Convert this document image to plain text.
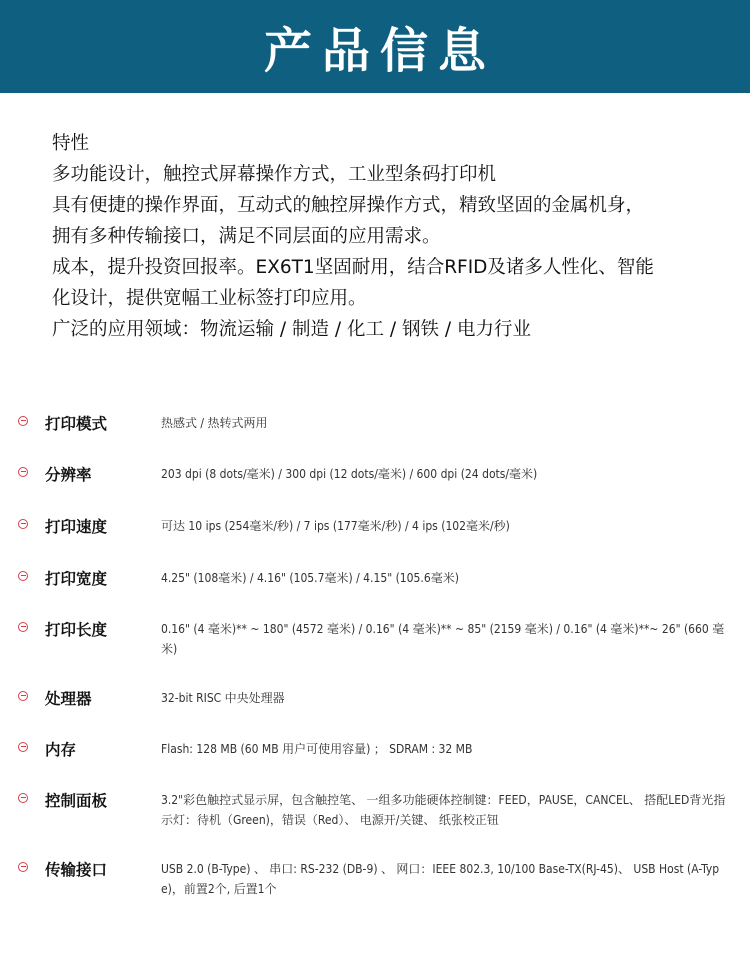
产品信息
特性
多功能设计，触控式屏幕操作方式，工业型条码打印机
具有便捷的操作界面，互动式的触控屏操作方式，精致坚固的金属机身，
拥有多种传输接口，满足不同层面的应用需求。
成本，提升投资回报率。EX6T1坚固耐用，结合RFID及诸多人性化、智能
化设计，提供宽幅工业标签打印应用。
广泛的应用领域：物流运输 / 制造 / 化工 / 钢铁 / 电力行业
打印模式	热感式 / 热转式两用
分辨率	203 dpi (8 dots/毫米) / 300 dpi (12 dots/毫米) / 600 dpi (24 dots/毫米)
打印速度	可达 10 ips (254毫米/秒) / 7 ips (177毫米/秒) / 4 ips (102毫米/秒)
打印宽度	4.25" (108毫米) / 4.16" (105.7毫米) / 4.15" (105.6毫米)
打印长度	0.16" (4 毫米)** ~ 180" (4572 毫米) / 0.16" (4 毫米)** ~ 85" (2159 毫米) / 0.16" (4 毫米)**~ 26" (660 毫米)
处理器	32-bit RISC 中央处理器
内存	Flash: 128 MB (60 MB 用户可使用容量) ； SDRAM : 32 MB
控制面板	3.2"彩色触控式显示屏，包含触控笔、 一组多功能硬体控制键：FEED，PAUSE，CANCEL、 搭配LED背光指示灯：待机（Green)，错误（Red）、 电源开/关键、 纸张校正钮
传输接口	USB 2.0 (B-Type) 、 串口: RS-232 (DB-9) 、 网口：IEEE 802.3, 10/100 Base-TX(RJ-45)、 USB Host (A-Type)，前置2个, 后置1个
